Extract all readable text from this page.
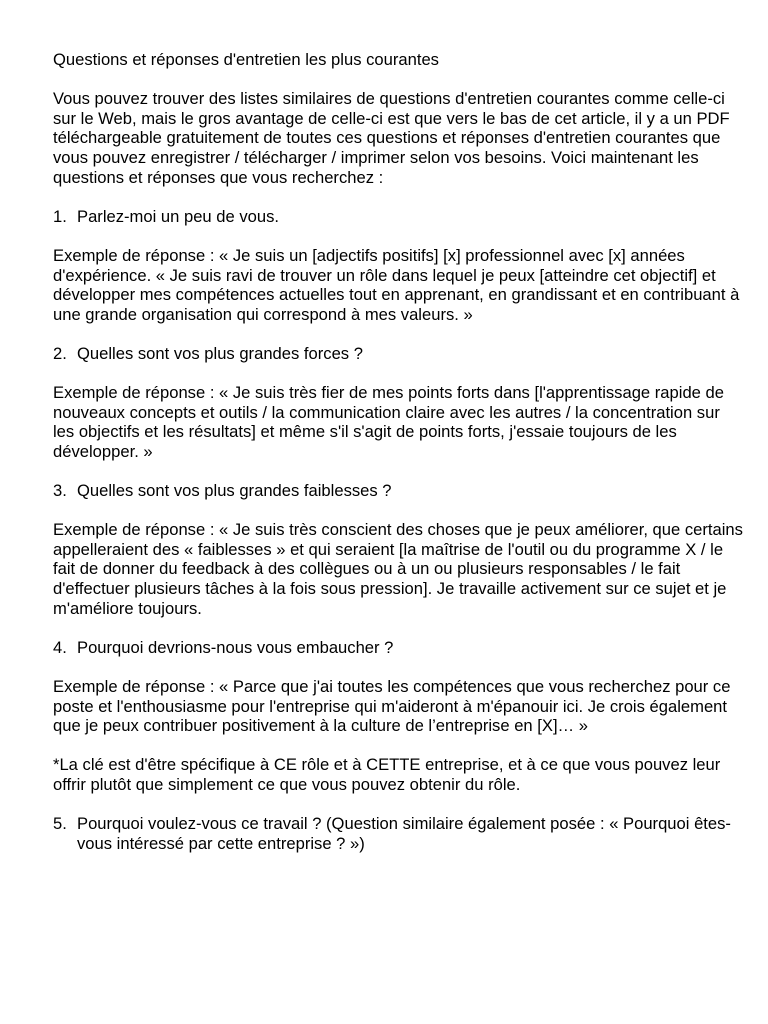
Questions et réponses d'entretien les plus courantes
Vous pouvez trouver des listes similaires de questions d'entretien courantes comme celle-ci sur le Web, mais le gros avantage de celle-ci est que vers le bas de cet article, il y a un PDF téléchargeable gratuitement de toutes ces questions et réponses d'entretien courantes que vous pouvez enregistrer / télécharger / imprimer selon vos besoins. Voici maintenant les questions et réponses que vous recherchez :
1. Parlez-moi un peu de vous.
Exemple de réponse : « Je suis un [adjectifs positifs] [x] professionnel avec [x] années d'expérience. « Je suis ravi de trouver un rôle dans lequel je peux [atteindre cet objectif] et développer mes compétences actuelles tout en apprenant, en grandissant et en contribuant à une grande organisation qui correspond à mes valeurs. »
2. Quelles sont vos plus grandes forces ?
Exemple de réponse : « Je suis très fier de mes points forts dans [l'apprentissage rapide de nouveaux concepts et outils / la communication claire avec les autres / la concentration sur les objectifs et les résultats] et même s'il s'agit de points forts, j'essaie toujours de les développer. »
3. Quelles sont vos plus grandes faiblesses ?
Exemple de réponse : « Je suis très conscient des choses que je peux améliorer, que certains appelleraient des « faiblesses » et qui seraient [la maîtrise de l'outil ou du programme X / le fait de donner du feedback à des collègues ou à un ou plusieurs responsables / le fait d'effectuer plusieurs tâches à la fois sous pression]. Je travaille activement sur ce sujet et je m'améliore toujours.
4. Pourquoi devrions-nous vous embaucher ?
Exemple de réponse : « Parce que j'ai toutes les compétences que vous recherchez pour ce poste et l'enthousiasme pour l'entreprise qui m'aideront à m'épanouir ici. Je crois également que je peux contribuer positivement à la culture de l’entreprise en [X]… »
*La clé est d'être spécifique à CE rôle et à CETTE entreprise, et à ce que vous pouvez leur offrir plutôt que simplement ce que vous pouvez obtenir du rôle.
5. Pourquoi voulez-vous ce travail ? (Question similaire également posée : « Pourquoi êtes-vous intéressé par cette entreprise ? »)
